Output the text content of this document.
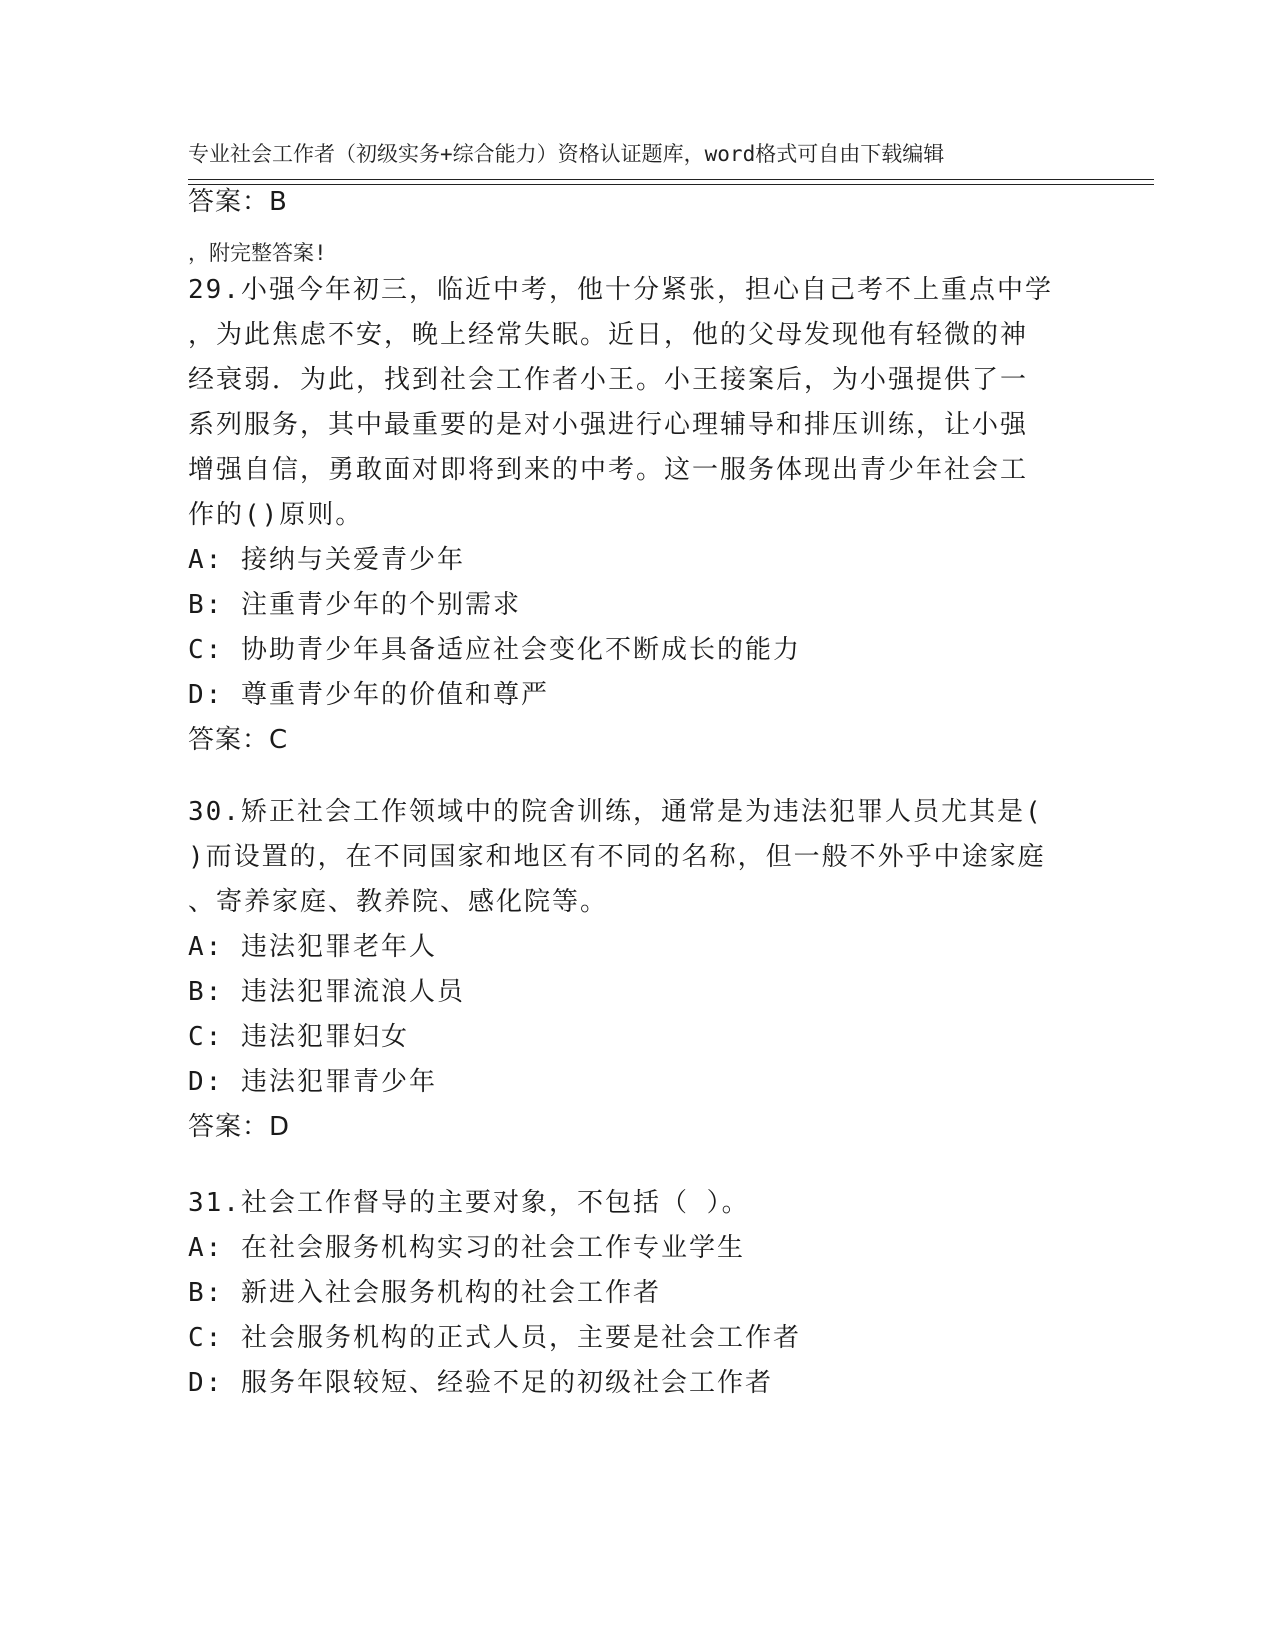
专业社会工作者（初级实务+综合能力）资格认证题库，word格式可自由下载编辑

，附完整答案!

答案：B
29.小强今年初三，临近中考，他十分紧张，担心自己考不上重点中学
，为此焦虑不安，晚上经常失眠。近日，他的父母发现他有轻微的神
经衰弱．为此，找到社会工作者小王。小王接案后，为小强提供了一
系列服务，其中最重要的是对小强进行心理辅导和排压训练，让小强
增强自信，勇敢面对即将到来的中考。这一服务体现出青少年社会工
作的()原则。
A: 接纳与关爱青少年
B: 注重青少年的个别需求
C: 协助青少年具备适应社会变化不断成长的能力
D: 尊重青少年的价值和尊严
答案：C
30.矫正社会工作领域中的院舍训练，通常是为违法犯罪人员尤其是(
)而设置的，在不同国家和地区有不同的名称，但一般不外乎中途家庭
、寄养家庭、教养院、感化院等。
A: 违法犯罪老年人
B: 违法犯罪流浪人员
C: 违法犯罪妇女
D: 违法犯罪青少年
答案：D
31.社会工作督导的主要对象，不包括（ ）。
A: 在社会服务机构实习的社会工作专业学生
B: 新进入社会服务机构的社会工作者
C: 社会服务机构的正式人员，主要是社会工作者
D: 服务年限较短、经验不足的初级社会工作者
